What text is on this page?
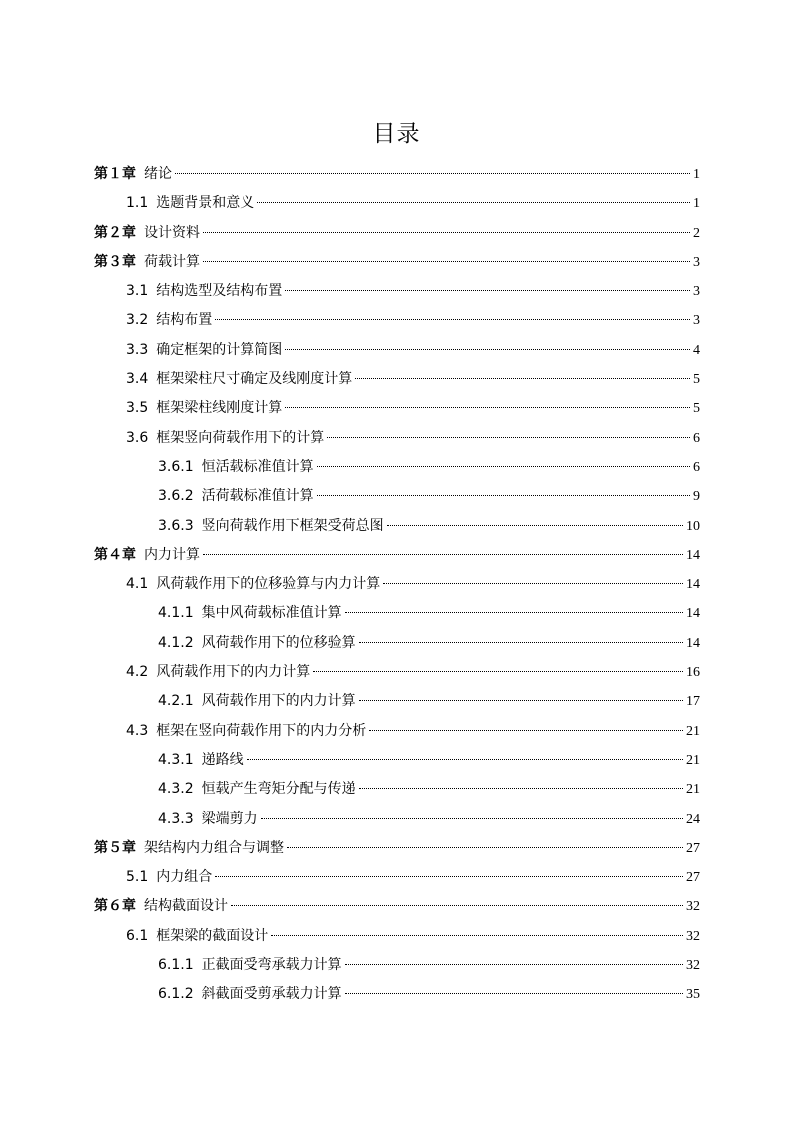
目录
第１章 绪论	1
1.1 选题背景和意义	1
第２章 设计资料	2
第３章 荷载计算	3
3.1 结构选型及结构布置	3
3.2 结构布置	3
3.3 确定框架的计算简图	4
3.4 框架梁柱尺寸确定及线刚度计算	5
3.5 框架梁柱线刚度计算	5
3.6 框架竖向荷载作用下的计算	6
3.6.1 恒活载标准值计算	6
3.6.2 活荷载标准值计算	9
3.6.3 竖向荷载作用下框架受荷总图	10
第４章 内力计算	14
4.1 风荷载作用下的位移验算与内力计算	14
4.1.1 集中风荷载标准值计算	14
4.1.2 风荷载作用下的位移验算	14
4.2 风荷载作用下的内力计算	16
4.2.1 风荷载作用下的内力计算	17
4.3 框架在竖向荷载作用下的内力分析	21
4.3.1 递路线	21
4.3.2 恒载产生弯矩分配与传递	21
4.3.3 梁端剪力	24
第５章 架结构内力组合与调整	27
5.1 内力组合	27
第６章 结构截面设计	32
6.1 框架梁的截面设计	32
6.1.1 正截面受弯承载力计算	32
6.1.2 斜截面受剪承载力计算	35
